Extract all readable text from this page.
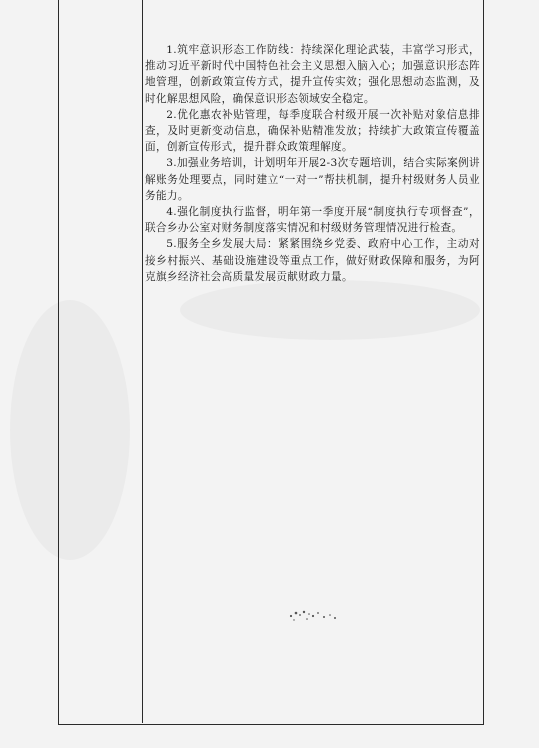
1.筑牢意识形态工作防线：持续深化理论武装，丰富学习形式，推动习近平新时代中国特色社会主义思想入脑入心；加强意识形态阵地管理，创新政策宣传方式，提升宣传实效；强化思想动态监测，及时化解思想风险，确保意识形态领域安全稳定。

2.优化惠农补贴管理，每季度联合村级开展一次补贴对象信息排查，及时更新变动信息，确保补贴精准发放；持续扩大政策宣传覆盖面，创新宣传形式，提升群众政策理解度。

3.加强业务培训，计划明年开展2-3次专题培训，结合实际案例讲解账务处理要点，同时建立“一对一”帮扶机制，提升村级财务人员业务能力。

4.强化制度执行监督，明年第一季度开展“制度执行专项督查”，联合乡办公室对财务制度落实情况和村级财务管理情况进行检查。

5.服务全乡发展大局：紧紧围绕乡党委、政府中心工作，主动对接乡村振兴、基础设施建设等重点工作，做好财政保障和服务，为阿克旗乡经济社会高质量发展贡献财政力量。
